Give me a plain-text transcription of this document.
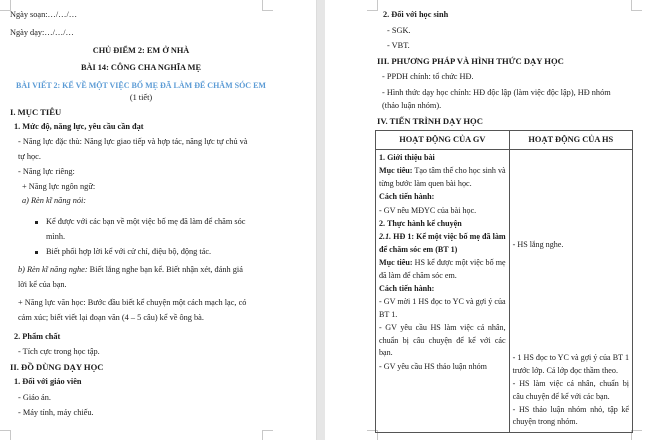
Ngày soạn:…/…/…
Ngày dạy:…/…/…
CHỦ ĐIỂM 2: EM Ở NHÀ
BÀI 14: CÔNG CHA NGHĨA MẸ
BÀI VIẾT 2: KỂ VỀ MỘT VIỆC BỐ MẸ ĐÃ LÀM ĐỂ CHĂM SÓC EM
(1 tiết)
I. MỤC TIÊU
1. Mức độ, năng lực, yêu cầu cần đạt
- Năng lực đặc thù: Năng lực giao tiếp và hợp tác, năng lực tự chủ và
tự học.
- Năng lực riêng:
+ Năng lực ngôn ngữ:
a) Rèn kĩ năng nói:
Kể được với các bạn về một việc bố mẹ đã làm để chăm sóc
mình.
Biết phối hợp lời kể với cử chỉ, điệu bộ, động tác.
b) Rèn kĩ năng nghe: Biết lắng nghe bạn kể. Biết nhận xét, đánh giá
lời kể của bạn.
+ Năng lực văn học: Bước đầu biết kể chuyện một cách mạch lạc, có
cảm xúc; biết viết lại đoạn văn (4 – 5 câu) kể về ông bà.
2. Phẩm chất
- Tích cực trong học tập.
II. ĐỒ DÙNG DẠY HỌC
1. Đối với giáo viên
- Giáo án.
- Máy tính, máy chiếu.
2. Đối với học sinh
- SGK.
- VBT.
III. PHƯƠNG PHÁP VÀ HÌNH THỨC DẠY HỌC
- PPDH chính: tổ chức HĐ.
- Hình thức dạy học chính: HĐ độc lập (làm việc độc lập), HĐ nhóm
(thảo luận nhóm).
IV. TIẾN TRÌNH DẠY HỌC
HOẠT ĐỘNG CỦA GV	HOẠT ĐỘNG CỦA HS

1. Giới thiệu bài
Mục tiêu: Tạo tâm thế cho học sinh và từng bước làm quen bài học.
Cách tiến hành:
- GV nêu MĐYC của bài học.
2. Thực hành kể chuyện
2.1. HĐ 1: Kể một việc bố mẹ đã làm để chăm sóc em (BT 1)
Mục tiêu: HS kể được một việc bố mẹ đã làm để chăm sóc em.
Cách tiến hành:
- GV mời 1 HS đọc to YC và gợi ý của BT 1.
- GV yêu cầu HS làm việc cá nhân, chuẩn bị câu chuyện để kể với các bạn.
- GV yêu cầu HS thảo luận nhóm

- HS lắng nghe.
- 1 HS đọc to YC và gợi ý của BT 1 trước lớp. Cả lớp đọc thầm theo.
- HS làm việc cá nhân, chuẩn bị câu chuyện để kể với các bạn.
- HS thảo luận nhóm nhỏ, tập kể chuyện trong nhóm.
